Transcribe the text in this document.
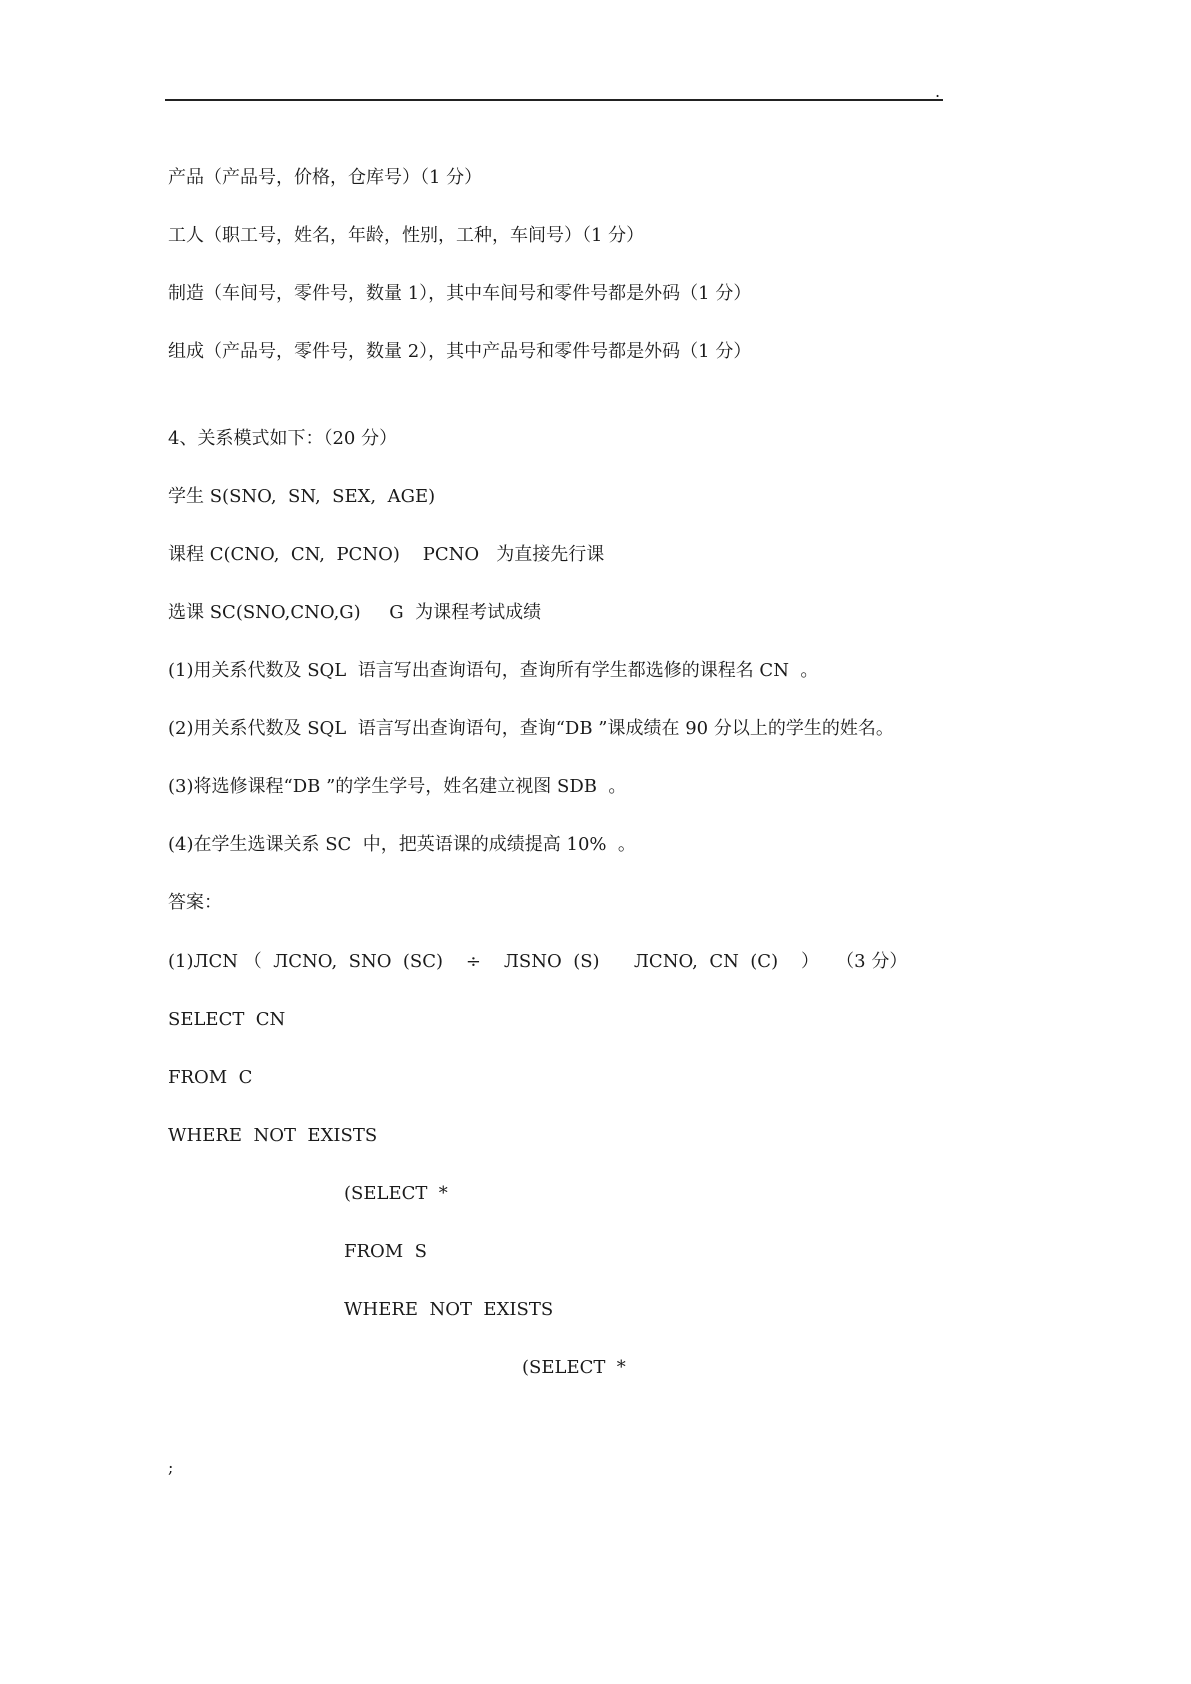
.
产品（产品号，价格，仓库号）（1 分）
工人（职工号，姓名，年龄，性别，工种，车间号）（1 分）
制造（车间号，零件号，数量 1），其中车间号和零件号都是外码（1 分）
组成（产品号，零件号，数量 2），其中产品号和零件号都是外码（1 分）
4、关系模式如下：（20 分）
学生 S(SNO,  SN,  SEX,  AGE)
课程 C(CNO,  CN,  PCNO)    PCNO   为直接先行课
选课 SC(SNO,CNO,G)     G  为课程考试成绩
(1)用关系代数及 SQL  语言写出查询语句，查询所有学生都选修的课程名 CN  。
(2)用关系代数及 SQL  语言写出查询语句，查询“DB ”课成绩在 90 分以上的学生的姓名。
(3)将选修课程“DB ”的学生学号，姓名建立视图 SDB  。
(4)在学生选课关系 SC  中，把英语课的成绩提高 10%  。
答案：
(1)ЛCN （  ЛCNO,  SNO  (SC)    ÷    ЛSNO  (S)      ЛCNO,  CN  (C)    ）   （3 分）
SELECT  CN
FROM  C
WHERE  NOT  EXISTS
(SELECT  *
FROM  S
WHERE  NOT  EXISTS
(SELECT  *
;
